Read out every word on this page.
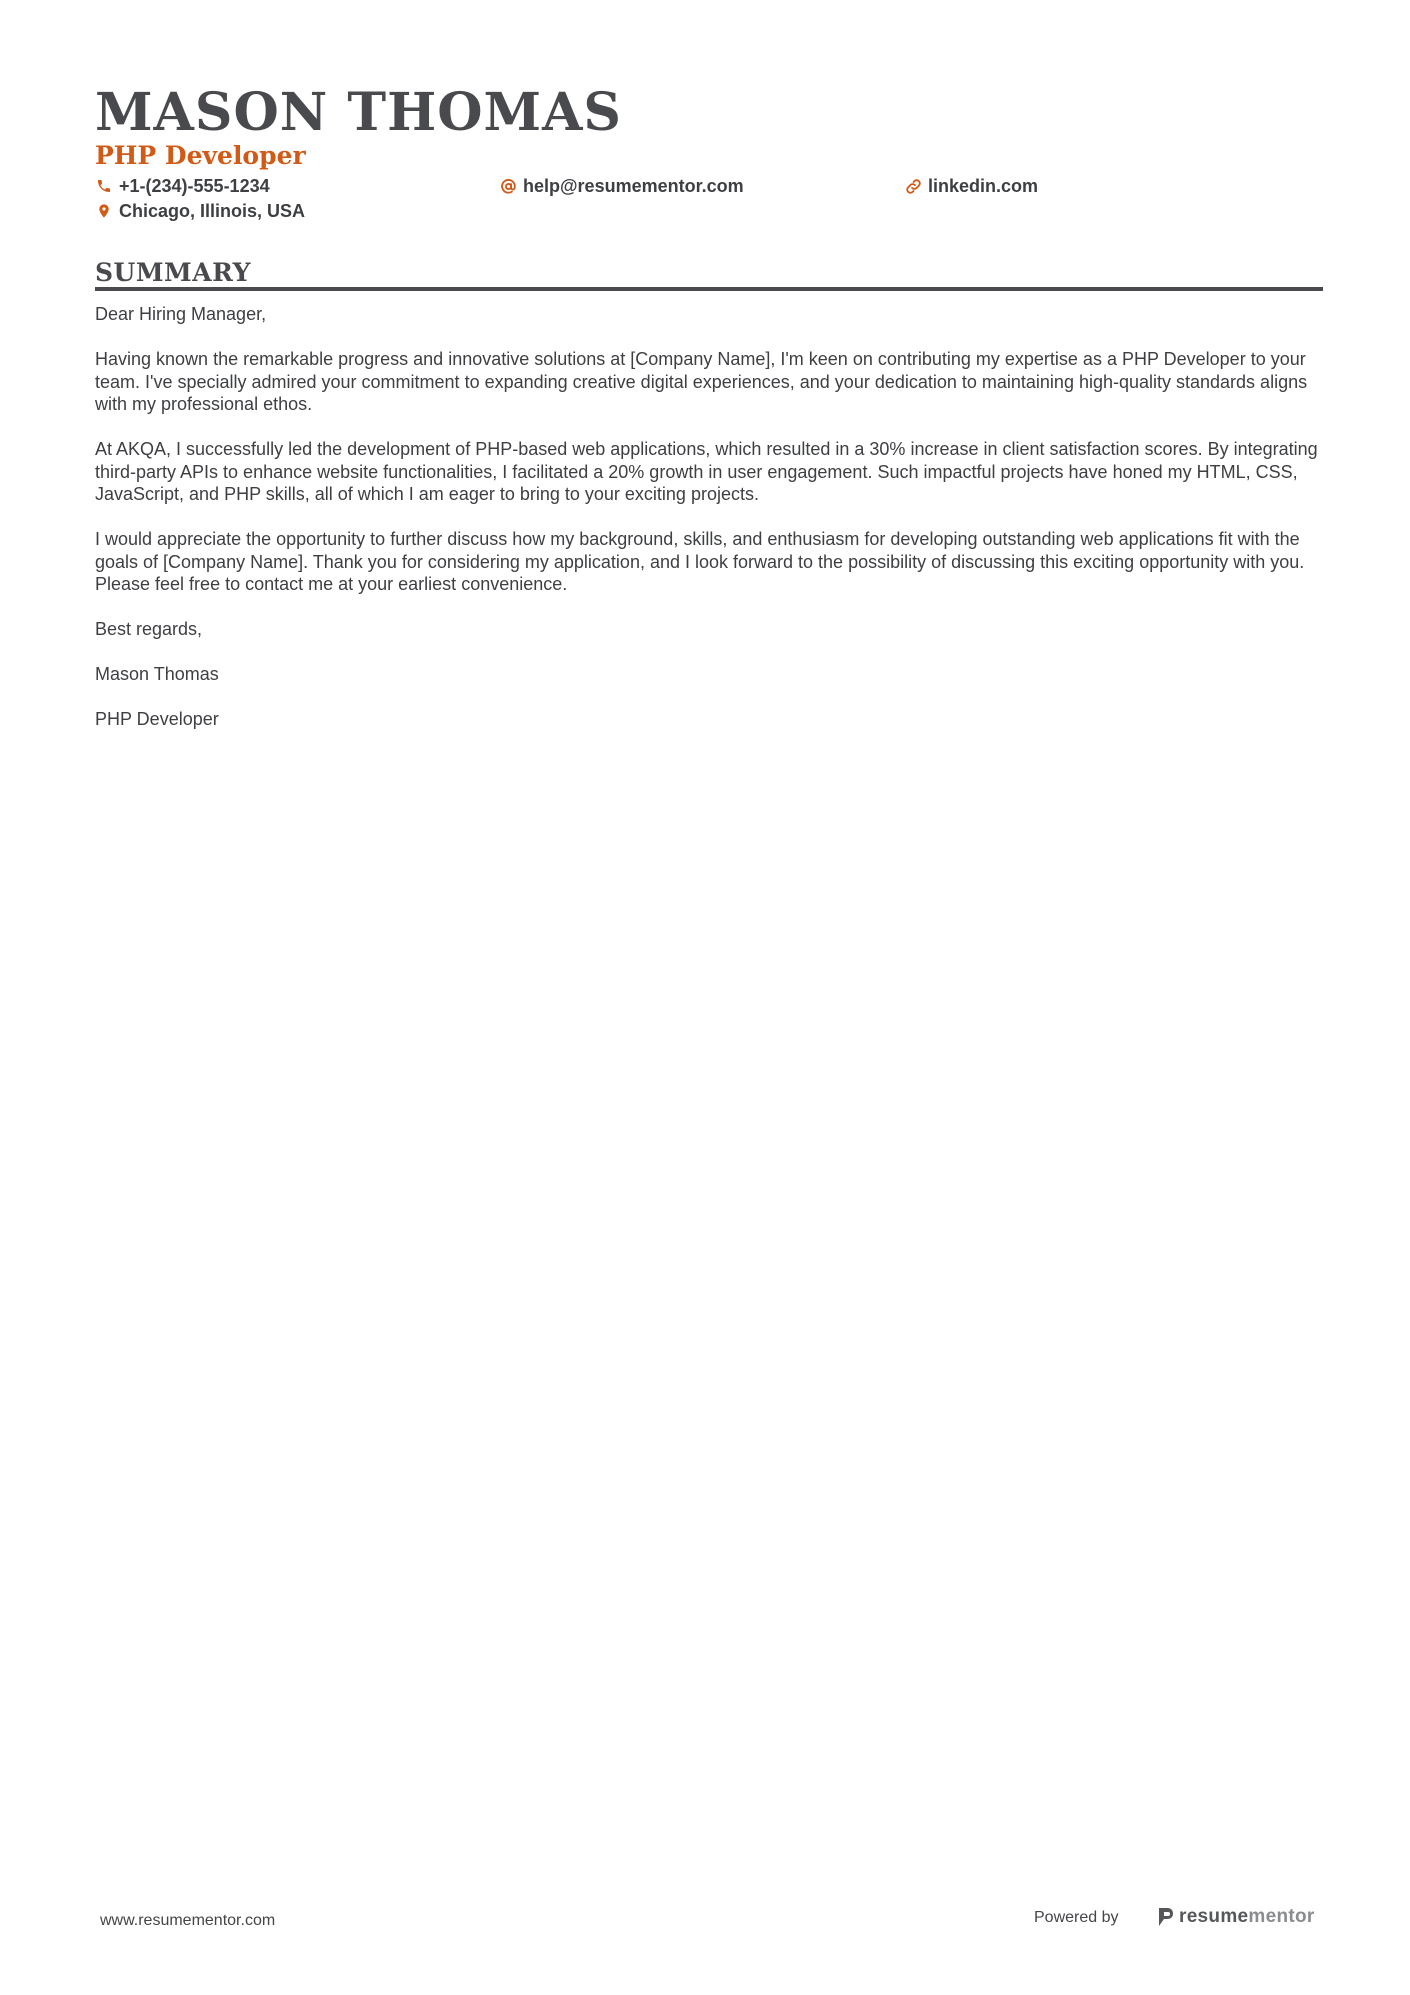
MASON THOMAS
PHP Developer
+1-(234)-555-1234	help@resumementor.com	linkedin.com
Chicago, Illinois, USA
SUMMARY

Dear Hiring Manager,

Having known the remarkable progress and innovative solutions at [Company Name], I'm keen on contributing my expertise as a PHP Developer to your team. I've specially admired your commitment to expanding creative digital experiences, and your dedication to maintaining high-quality standards aligns with my professional ethos.

At AKQA, I successfully led the development of PHP-based web applications, which resulted in a 30% increase in client satisfaction scores. By integrating third-party APIs to enhance website functionalities, I facilitated a 20% growth in user engagement. Such impactful projects have honed my HTML, CSS, JavaScript, and PHP skills, all of which I am eager to bring to your exciting projects.

I would appreciate the opportunity to further discuss how my background, skills, and enthusiasm for developing outstanding web applications fit with the goals of [Company Name]. Thank you for considering my application, and I look forward to the possibility of discussing this exciting opportunity with you. Please feel free to contact me at your earliest convenience.

Best regards,

Mason Thomas

PHP Developer

www.resumementor.com	Powered by	resumementor
